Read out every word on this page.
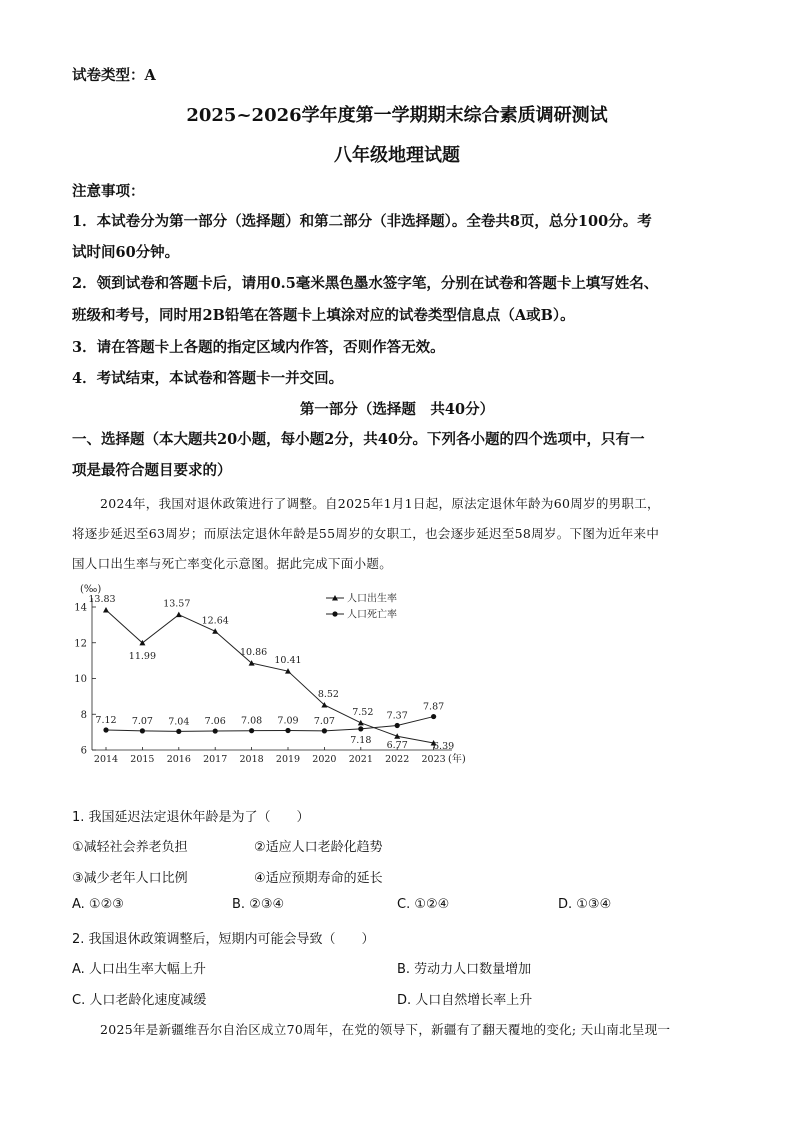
试卷类型：A
2025~2026学年度第一学期期末综合素质调研测试
八年级地理试题
注意事项：
1．本试卷分为第一部分（选择题）和第二部分（非选择题）。全卷共8页，总分100分。考
试时间60分钟。
2．领到试卷和答题卡后，请用0.5毫米黑色墨水签字笔，分别在试卷和答题卡上填写姓名、
班级和考号，同时用2B铅笔在答题卡上填涂对应的试卷类型信息点（A或B）。
3．请在答题卡上各题的指定区域内作答，否则作答无效。
4．考试结束，本试卷和答题卡一并交回。
第一部分（选择题　共40分）
一、选择题（本大题共20小题，每小题2分，共40分。下列各小题的四个选项中，只有一
项是最符合题目要求的）
2024年，我国对退休政策进行了调整。自2025年1月1日起，原法定退休年龄为60周岁的男职工，
将逐步延迟至63周岁；而原法定退休年龄是55周岁的女职工，也会逐步延迟至58周岁。下图为近年来中
国人口出生率与死亡率变化示意图。据此完成下面小题。
(‰)
(年)
6
8
10
12
14
2014 2015 2016 2017 2018 2019 2020 2021 2022 2023
13.83
11.99
13.57
12.64
10.86
10.41
8.52
7.52
6.77	6.39
7.12 7.07 7.04 7.06 7.08 7.09 7.07
7.18
7.37
7.87
人口出生率
人口死亡率
1. 我国延迟法定退休年龄是为了（　　）
①减轻社会养老负担	②适应人口老龄化趋势
③减少老年人口比例	④适应预期寿命的延长
A. ①②③	B. ②③④	C. ①②④	D. ①③④
2. 我国退休政策调整后，短期内可能会导致（　　）
A. 人口出生率大幅上升	B. 劳动力人口数量增加
C. 人口老龄化速度减缓	D. 人口自然增长率上升
2025年是新疆维吾尔自治区成立70周年，在党的领导下，新疆有了翻天覆地的变化; 天山南北呈现一
